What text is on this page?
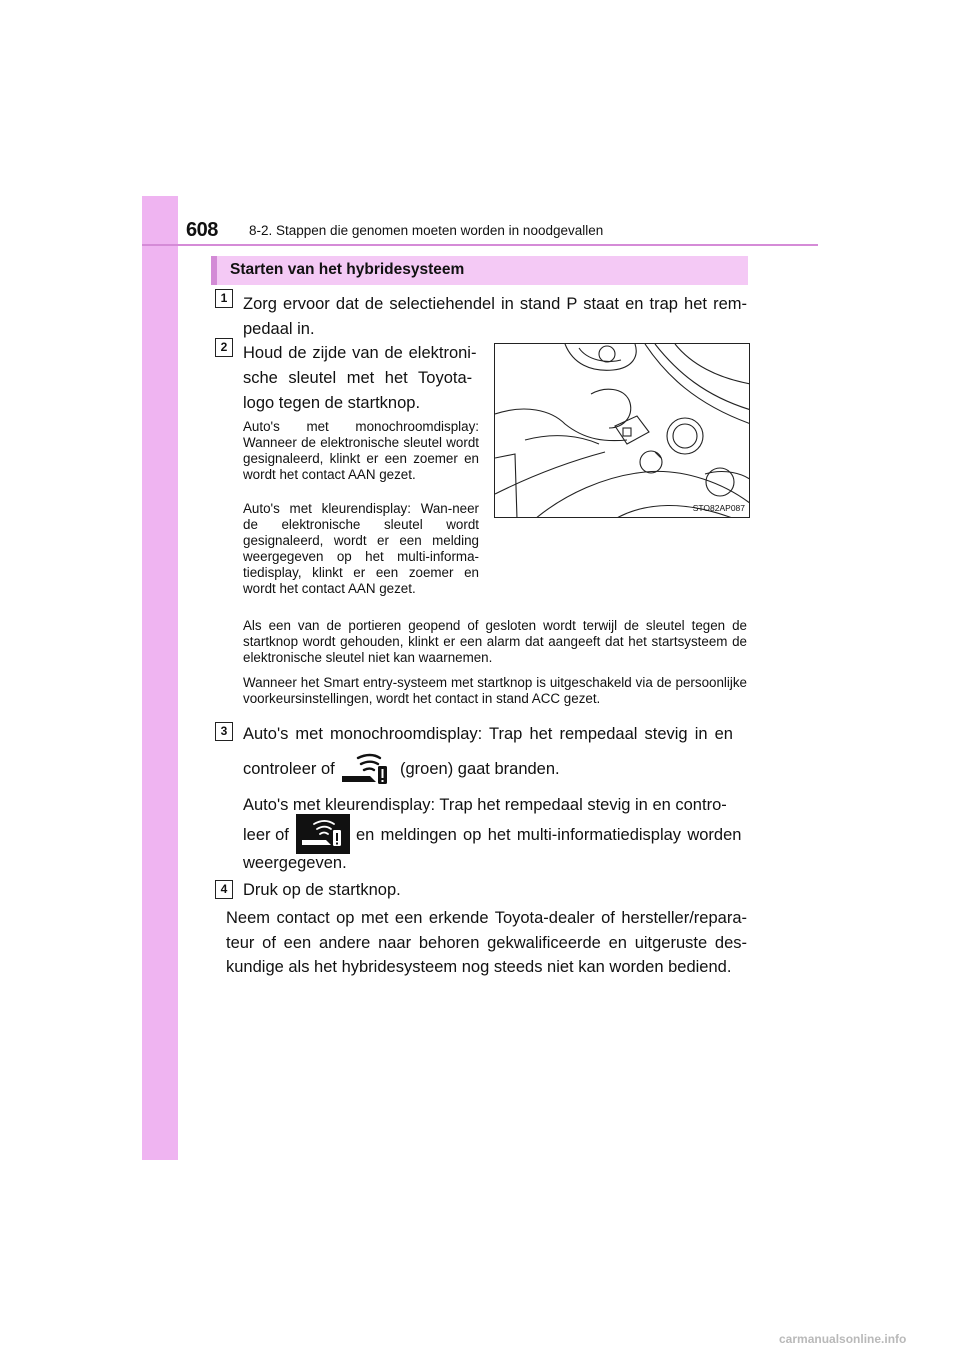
608 8-2. Stappen die genomen moeten worden in noodgevallen
Starten van het hybridesysteem
1 Zorg ervoor dat de selectiehendel in stand P staat en trap het rem-pedaal in.

2 Houd de zijde van de elektroni-

sche sleutel met het Toyota-

logo tegen de startknop.

Auto's met monochroomdisplay: Wanneer de elektronische sleutel wordt gesignaleerd, klinkt er een zoemer en wordt het contact AAN gezet.

Auto's met kleurendisplay: Wan-neer de elektronische sleutel wordt gesignaleerd, wordt er een melding weergegeven op het multi-informa-tiedisplay, klinkt er een zoemer en wordt het contact AAN gezet.

Als een van de portieren geopend of gesloten wordt terwijl de sleutel tegen de startknop wordt gehouden, klinkt er een alarm dat aangeeft dat het startsysteem de elektronische sleutel niet kan waarnemen.

Wanneer het Smart entry-systeem met startknop is uitgeschakeld via de persoonlijke voorkeursinstellingen, wordt het contact in stand ACC gezet.

STO82AP087
3 Auto's met monochroomdisplay: Trap het rempedaal stevig in en

controleer of	(groen) gaat branden.

Auto's met kleurendisplay: Trap het rempedaal stevig in en contro-

leer of	en meldingen op het multi-informatiedisplay worden

weergegeven.

4 Druk op de startknop.

Neem contact op met een erkende Toyota-dealer of hersteller/repara-teur of een andere naar behoren gekwalificeerde en uitgeruste des-kundige als het hybridesysteem nog steeds niet kan worden bediend.

carmanualsonline.info
